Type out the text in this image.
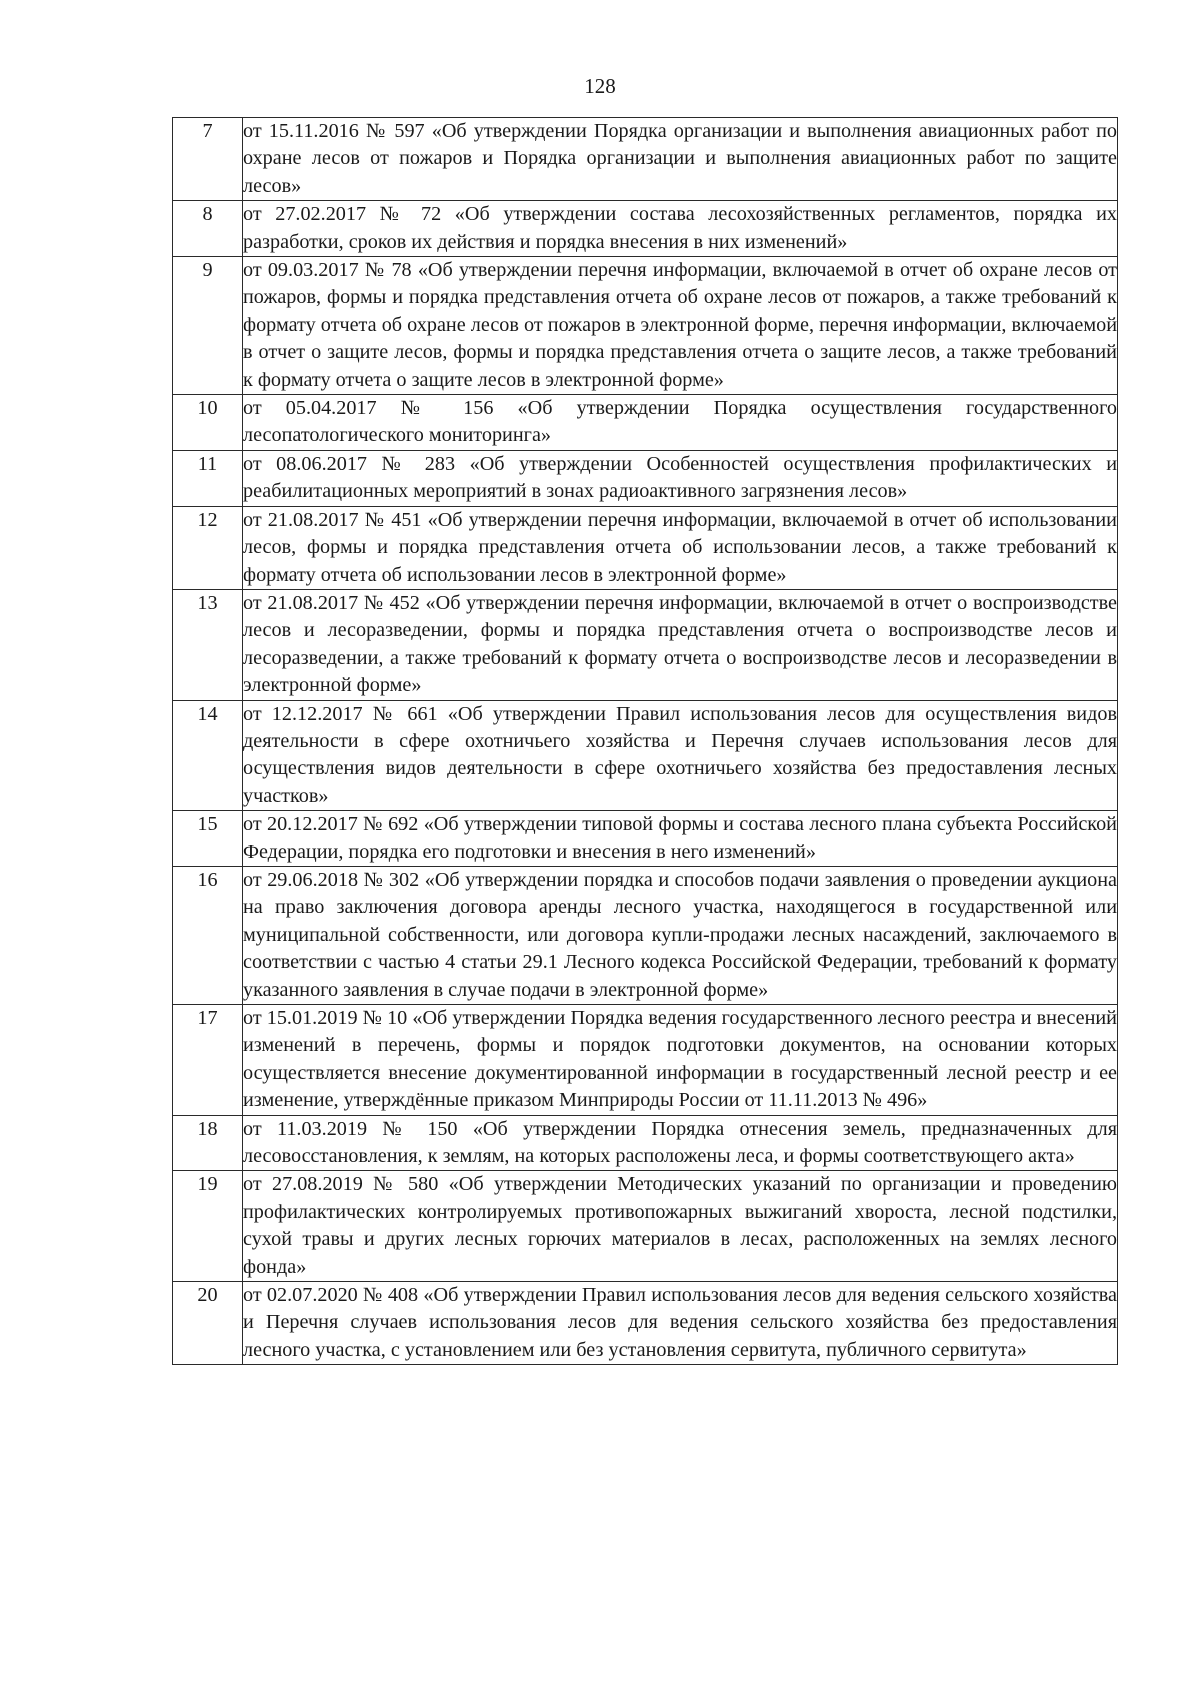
128
7	от 15.11.2016 № 597 «Об утверждении Порядка организации и выполнения авиационных работ по охране лесов от пожаров и Порядка организации и выполнения авиационных работ по защите лесов»
8	от 27.02.2017 № 72 «Об утверждении состава лесохозяйственных регламентов, порядка их разработки, сроков их действия и порядка внесения в них изменений»
9	от 09.03.2017 № 78 «Об утверждении перечня информации, включаемой в отчет об охране лесов от пожаров, формы и порядка представления отчета об охране лесов от пожаров, а также требований к формату отчета об охране лесов от пожаров в электронной форме, перечня информации, включаемой в отчет о защите лесов, формы и порядка представления отчета о защите лесов, а также требований к формату отчета о защите лесов в электронной форме»
10	от 05.04.2017 № 156 «Об утверждении Порядка осуществления государственного лесопатологического мониторинга»
11	от 08.06.2017 № 283 «Об утверждении Особенностей осуществления профилактических и реабилитационных мероприятий в зонах радиоактивного загрязнения лесов»
12	от 21.08.2017 № 451 «Об утверждении перечня информации, включаемой в отчет об использовании лесов, формы и порядка представления отчета об использовании лесов, а также требований к формату отчета об использовании лесов в электронной форме»
13	от 21.08.2017 № 452 «Об утверждении перечня информации, включаемой в отчет о воспроизводстве лесов и лесоразведении, формы и порядка представления отчета о воспроизводстве лесов и лесоразведении, а также требований к формату отчета о воспроизводстве лесов и лесоразведении в электронной форме»
14	от 12.12.2017 № 661 «Об утверждении Правил использования лесов для осуществления видов деятельности в сфере охотничьего хозяйства и Перечня случаев использования лесов для осуществления видов деятельности в сфере охотничьего хозяйства без предоставления лесных участков»
15	от 20.12.2017 № 692 «Об утверждении типовой формы и состава лесного плана субъекта Российской Федерации, порядка его подготовки и внесения в него изменений»
16	от 29.06.2018 № 302 «Об утверждении порядка и способов подачи заявления о проведении аукциона на право заключения договора аренды лесного участка, находящегося в государственной или муниципальной собственности, или договора купли-продажи лесных насаждений, заключаемого в соответствии с частью 4 статьи 29.1 Лесного кодекса Российской Федерации, требований к формату указанного заявления в случае подачи в электронной форме»
17	от 15.01.2019 № 10 «Об утверждении Порядка ведения государственного лесного реестра и внесений изменений в перечень, формы и порядок подготовки документов, на основании которых осуществляется внесение документированной информации в государственный лесной реестр и ее изменение, утверждённые приказом Минприроды России от 11.11.2013 № 496»
18	от 11.03.2019 № 150 «Об утверждении Порядка отнесения земель, предназначенных для лесовосстановления, к землям, на которых расположены леса, и формы соответствующего акта»
19	от 27.08.2019 № 580 «Об утверждении Методических указаний по организации и проведению профилактических контролируемых противопожарных выжиганий хвороста, лесной подстилки, сухой травы и других лесных горючих материалов в лесах, расположенных на землях лесного фонда»
20	от 02.07.2020 № 408 «Об утверждении Правил использования лесов для ведения сельского хозяйства и Перечня случаев использования лесов для ведения сельского хозяйства без предоставления лесного участка, с установлением или без установления сервитута, публичного сервитута»
